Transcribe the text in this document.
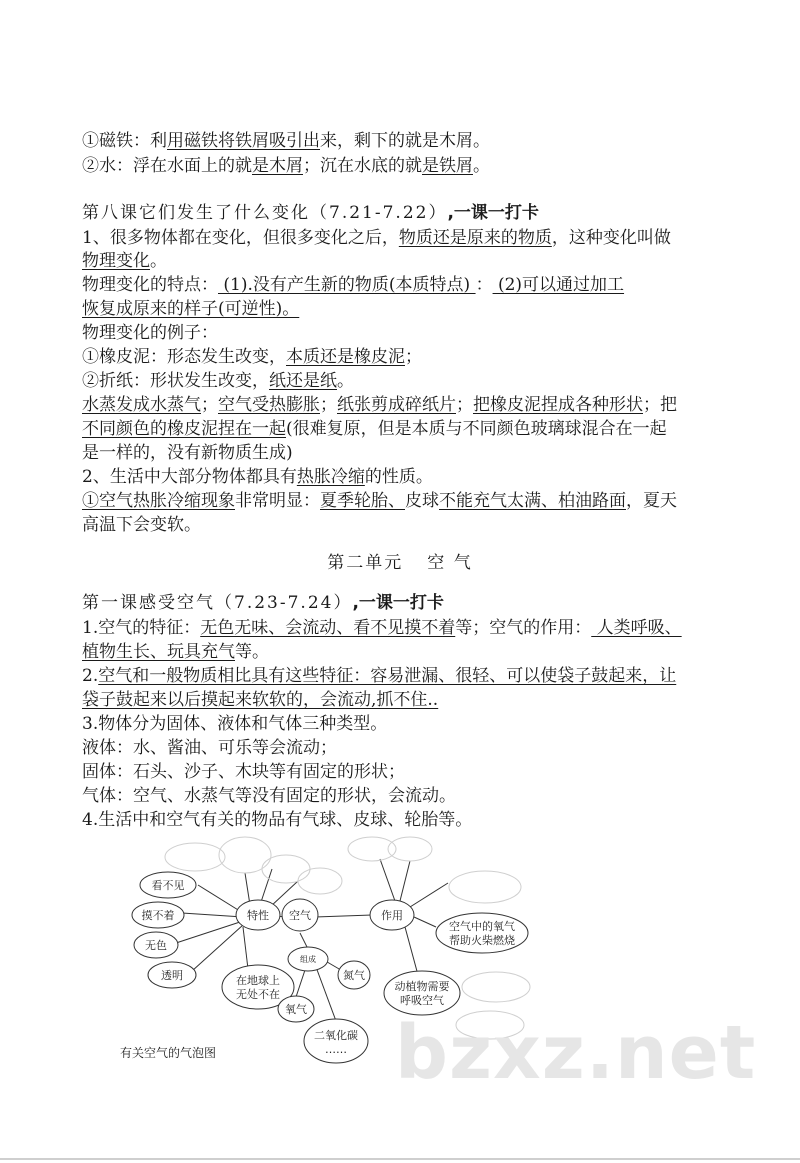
①磁铁：利用磁铁将铁屑吸引出来，剩下的就是木屑。
②水：浮在水面上的就是木屑；沉在水底的就是铁屑。
第八课它们发生了什么变化（7.21-7.22）,一课一打卡
1、很多物体都在变化，但很多变化之后，物质还是原来的物质，这种变化叫做
物理变化。
物理变化的特点： (1).没有产生新的物质(本质特点) ： (2)可以通过加工
恢复成原来的样子(可逆性)。
物理变化的例子：
①橡皮泥：形态发生改变，本质还是橡皮泥；
②折纸：形状发生改变，纸还是纸。
水蒸发成水蒸气；空气受热膨胀；纸张剪成碎纸片；把橡皮泥捏成各种形状；把
不同颜色的橡皮泥捏在一起(很难复原，但是本质与不同颜色玻璃球混合在一起
是一样的，没有新物质生成)
2、生活中大部分物体都具有热胀冷缩的性质。
①空气热胀冷缩现象非常明显：夏季轮胎、皮球不能充气太满、柏油路面，夏天
高温下会变软。
第二单元 空 气
第一课感受空气（7.23-7.24）,一课一打卡
1.空气的特征：无色无味、会流动、看不见摸不着等；空气的作用： 人类呼吸、
植物生长、玩具充气等。
2.空气和一般物质相比具有这些特征：容易泄漏、很轻、可以使袋子鼓起来，让
袋子鼓起来以后摸起来软软的，会流动,抓不住..
3.物体分为固体、液体和气体三种类型。
液体：水、酱油、可乐等会流动；
固体：石头、沙子、木块等有固定的形状；
气体：空气、水蒸气等没有固定的形状，会流动。
4.生活中和空气有关的物品有气球、皮球、轮胎等。
看不见
摸不着
无色
透明
特性
在地球上
无处不在
空气
组成
氮气
氧气
二氧化碳
……
作用
空气中的氧气
帮助火柴燃烧
动植物需要
呼吸空气
有关空气的气泡图 bzxz.net
